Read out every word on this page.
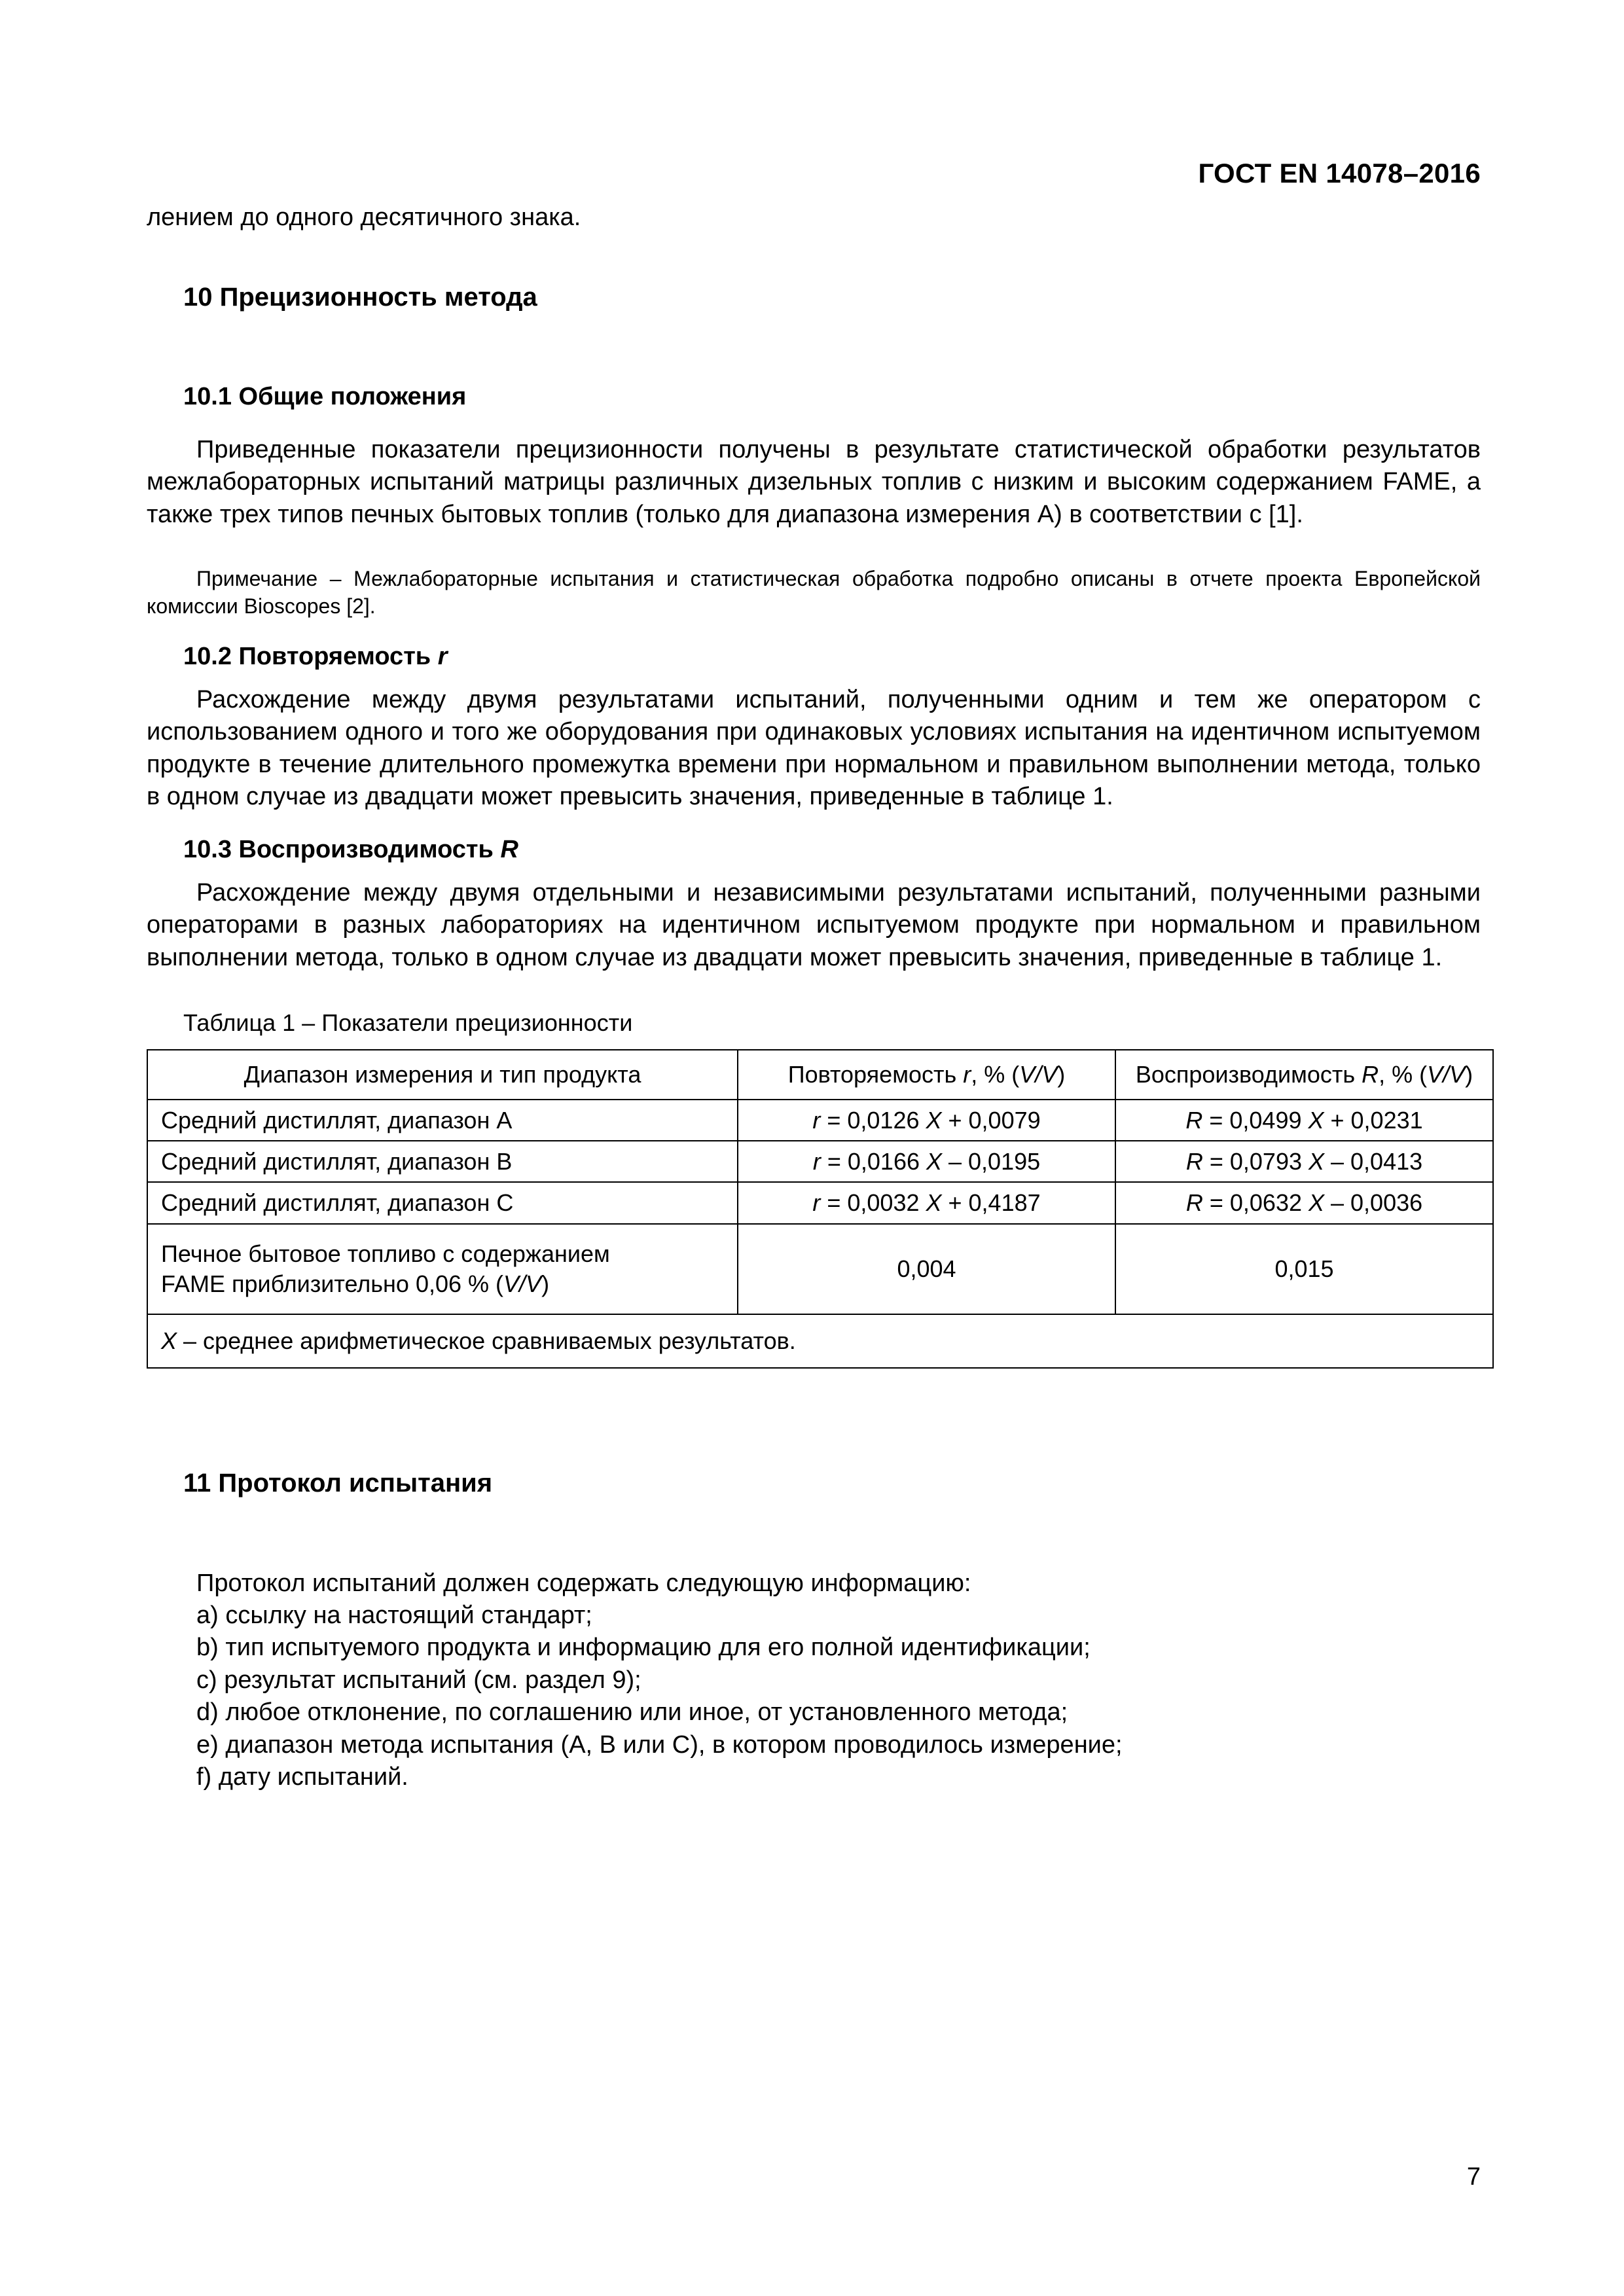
ГОСТ EN 14078–2016

лением до одного десятичного знака.

10 Прецизионность метода
10.1 Общие положения

Приведенные показатели прецизионности получены в результате статистической обработки результатов межлабораторных испытаний матрицы различных дизельных топлив с низким и высоким содержанием FAME, а также трех типов печных бытовых топлив (только для диапазона измерения А) в соответствии с [1].

Примечание – Межлабораторные испытания и статистическая обработка подробно описаны в отчете проекта Европейской комиссии Bioscopes [2].

10.2 Повторяемость r

Расхождение между двумя результатами испытаний, полученными одним и тем же оператором с использованием одного и того же оборудования при одинаковых условиях испытания на идентичном испытуемом продукте в течение длительного промежутка времени при нормальном и правильном выполнении метода, только в одном случае из двадцати может превысить значения, приведенные в таблице 1.

10.3 Воспроизводимость R

Расхождение между двумя отдельными и независимыми результатами испытаний, полученными разными операторами в разных лабораториях на идентичном испытуемом продукте при нормальном и правильном выполнении метода, только в одном случае из двадцати может превысить значения, приведенные в таблице 1.

Таблица 1 – Показатели прецизионности

Диапазон измерения и тип продукта	Повторяемость r, % (V/V)	Воспроизводимость R, % (V/V)
Средний дистиллят, диапазон А	r = 0,0126 X + 0,0079	R = 0,0499 X + 0,0231
Средний дистиллят, диапазон В	r = 0,0166 X – 0,0195	R = 0,0793 X – 0,0413
Средний дистиллят, диапазон С	r = 0,0032 X + 0,4187	R = 0,0632 X – 0,0036
Печное бытовое топливо с содержанием
FAME приблизительно 0,06 % (V/V)	0,004	0,015
X – среднее арифметическое сравниваемых результатов.		
11 Протокол испытания

Протокол испытаний должен содержать следующую информацию:

a) ссылку на настоящий стандарт;

b) тип испытуемого продукта и информацию для его полной идентификации;

c) результат испытаний (см. раздел 9);

d) любое отклонение, по соглашению или иное, от установленного метода;

e) диапазон метода испытания (А, В или С), в котором проводилось измерение;

f) дату испытаний.

7
